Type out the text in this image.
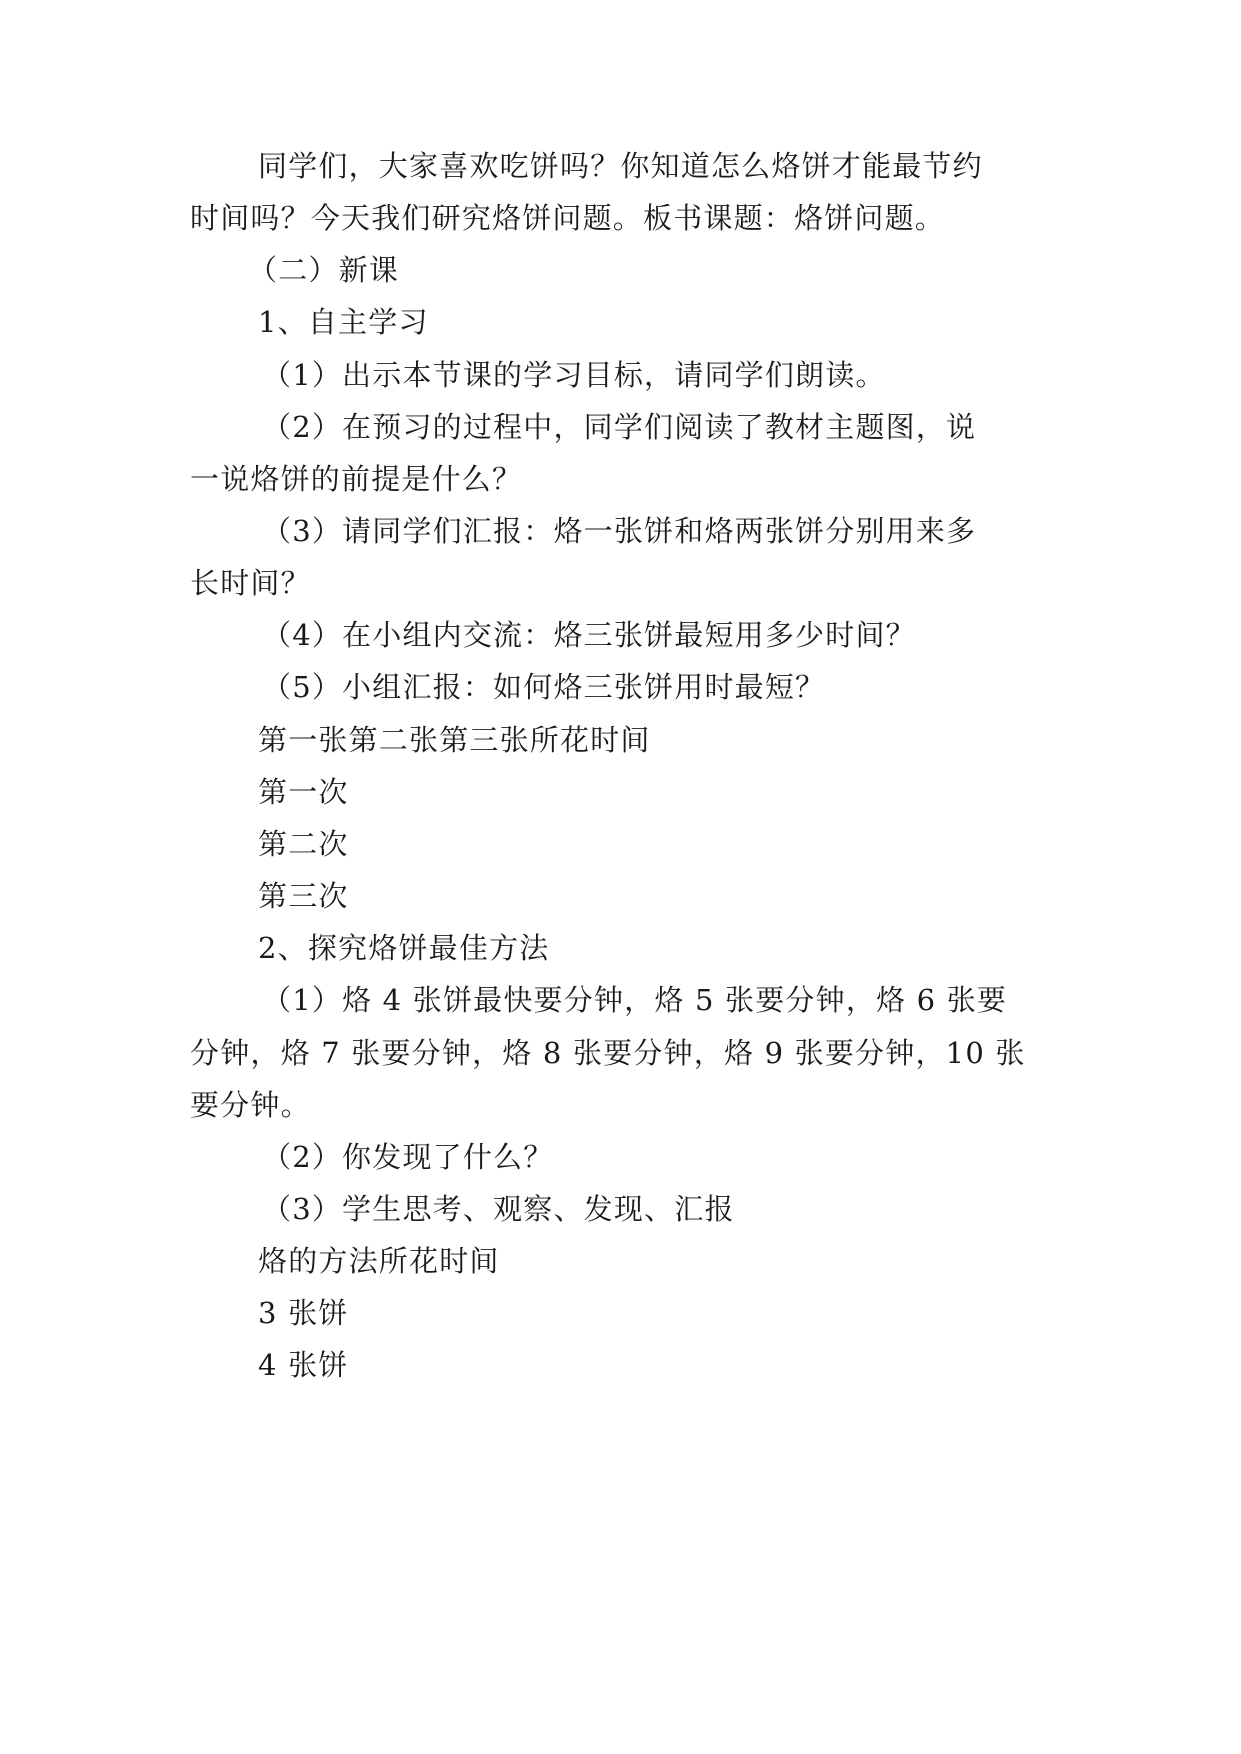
同学们，大家喜欢吃饼吗？你知道怎么烙饼才能最节约
时间吗？今天我们研究烙饼问题。板书课题：烙饼问题。
（二）新课
1、自主学习
（1）出示本节课的学习目标，请同学们朗读。
（2）在预习的过程中，同学们阅读了教材主题图，说
一说烙饼的前提是什么？
（3）请同学们汇报：烙一张饼和烙两张饼分别用来多
长时间？
（4）在小组内交流：烙三张饼最短用多少时间？
（5）小组汇报：如何烙三张饼用时最短？
第一张第二张第三张所花时间
第一次
第二次
第三次
2、探究烙饼最佳方法
（1）烙 4 张饼最快要分钟，烙 5 张要分钟，烙 6 张要
分钟，烙 7 张要分钟，烙 8 张要分钟，烙 9 张要分钟，10 张
要分钟。
（2）你发现了什么？
（3）学生思考、观察、发现、汇报
烙的方法所花时间
3 张饼
4 张饼
